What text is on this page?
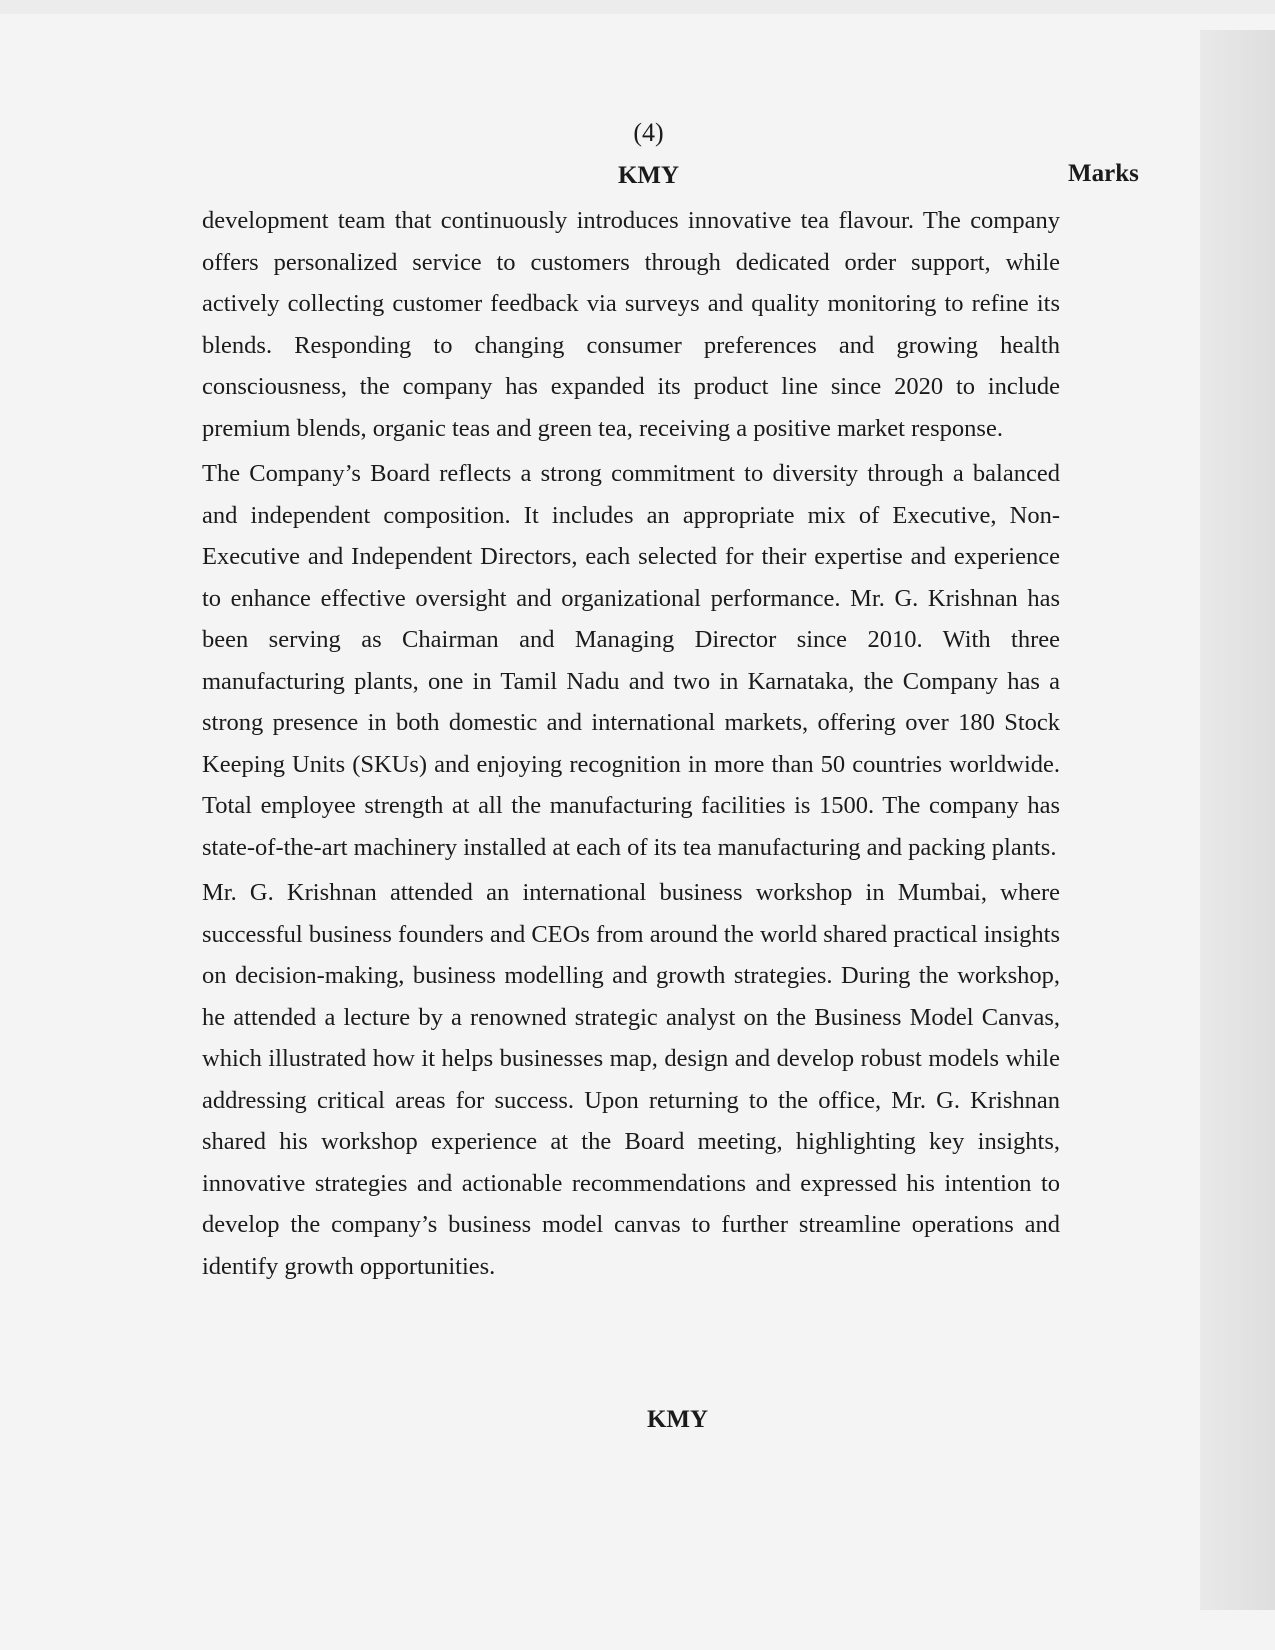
(4)
KMY	Marks

development team that continuously introduces innovative tea flavour. The company offers personalized service to customers through dedicated order support, while actively collecting customer feedback via surveys and quality monitoring to refine its blends. Responding to changing consumer preferences and growing health consciousness, the company has expanded its product line since 2020 to include premium blends, organic teas and green tea, receiving a positive market response.

The Company’s Board reflects a strong commitment to diversity through a balanced and independent composition. It includes an appropriate mix of Executive, Non-Executive and Independent Directors, each selected for their expertise and experience to enhance effective oversight and organizational performance. Mr. G. Krishnan has been serving as Chairman and Managing Director since 2010. With three manufacturing plants, one in Tamil Nadu and two in Karnataka, the Company has a strong presence in both domestic and international markets, offering over 180 Stock Keeping Units (SKUs) and enjoying recognition in more than 50 countries worldwide. Total employee strength at all the manufacturing facilities is 1500. The company has state-of-the-art machinery installed at each of its tea manufacturing and packing plants.

Mr. G. Krishnan attended an international business workshop in Mumbai, where successful business founders and CEOs from around the world shared practical insights on decision-making, business modelling and growth strategies. During the workshop, he attended a lecture by a renowned strategic analyst on the Business Model Canvas, which illustrated how it helps businesses map, design and develop robust models while addressing critical areas for success. Upon returning to the office, Mr. G. Krishnan shared his workshop experience at the Board meeting, highlighting key insights, innovative strategies and actionable recommendations and expressed his intention to develop the company’s business model canvas to further streamline operations and identify growth opportunities.

KMY
